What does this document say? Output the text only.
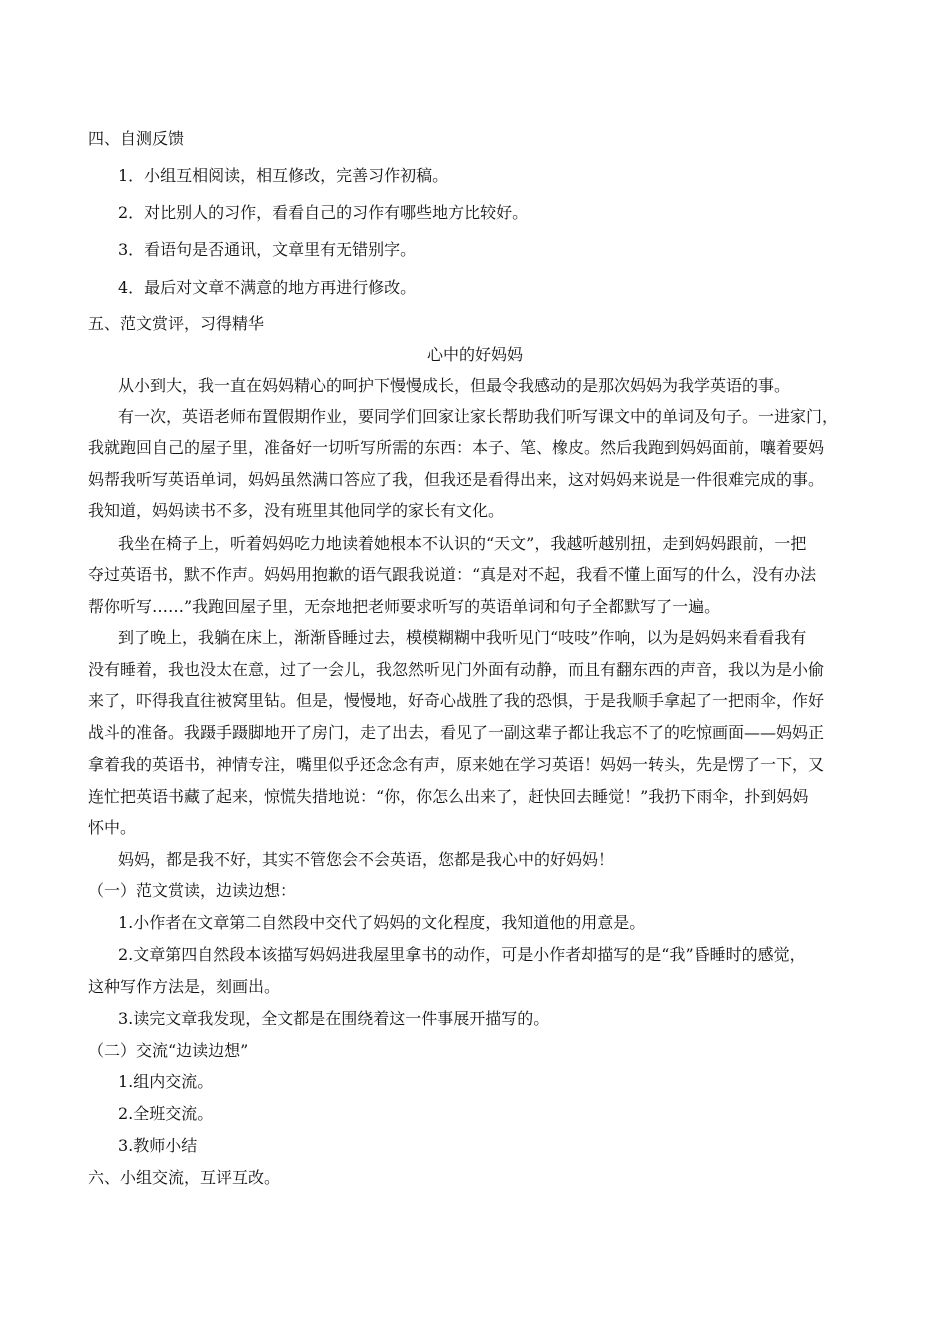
四、自测反馈
1．小组互相阅读，相互修改，完善习作初稿。
2．对比别人的习作，看看自己的习作有哪些地方比较好。
3．看语句是否通讯，文章里有无错别字。
4．最后对文章不满意的地方再进行修改。
五、范文赏评，习得精华
心中的好妈妈
从小到大，我一直在妈妈精心的呵护下慢慢成长，但最令我感动的是那次妈妈为我学英语的事。
有一次，英语老师布置假期作业，要同学们回家让家长帮助我们听写课文中的单词及句子。一进家门，
我就跑回自己的屋子里，准备好一切听写所需的东西：本子、笔、橡皮。然后我跑到妈妈面前，嚷着要妈
妈帮我听写英语单词，妈妈虽然满口答应了我，但我还是看得出来，这对妈妈来说是一件很难完成的事。
我知道，妈妈读书不多，没有班里其他同学的家长有文化。
我坐在椅子上，听着妈妈吃力地读着她根本不认识的“天文”，我越听越别扭，走到妈妈跟前，一把
夺过英语书，默不作声。妈妈用抱歉的语气跟我说道：“真是对不起，我看不懂上面写的什么，没有办法
帮你听写……”我跑回屋子里，无奈地把老师要求听写的英语单词和句子全都默写了一遍。
到了晚上，我躺在床上，渐渐昏睡过去，模模糊糊中我听见门“吱吱”作响，以为是妈妈来看看我有
没有睡着，我也没太在意，过了一会儿，我忽然听见门外面有动静，而且有翻东西的声音，我以为是小偷
来了，吓得我直往被窝里钻。但是，慢慢地，好奇心战胜了我的恐惧，于是我顺手拿起了一把雨伞，作好
战斗的准备。我蹑手蹑脚地开了房门，走了出去，看见了一副这辈子都让我忘不了的吃惊画面——妈妈正
拿着我的英语书，神情专注，嘴里似乎还念念有声，原来她在学习英语！妈妈一转头，先是愣了一下，又
连忙把英语书藏了起来，惊慌失措地说：“你，你怎么出来了，赶快回去睡觉！”我扔下雨伞，扑到妈妈
怀中。
妈妈，都是我不好，其实不管您会不会英语，您都是我心中的好妈妈！
（一）范文赏读，边读边想：
1.小作者在文章第二自然段中交代了妈妈的文化程度，我知道他的用意是。
2.文章第四自然段本该描写妈妈进我屋里拿书的动作，可是小作者却描写的是“我”昏睡时的感觉，
这种写作方法是，刻画出。
3.读完文章我发现，全文都是在围绕着这一件事展开描写的。
（二）交流“边读边想”
1.组内交流。
2.全班交流。
3.教师小结
六、小组交流，互评互改。
